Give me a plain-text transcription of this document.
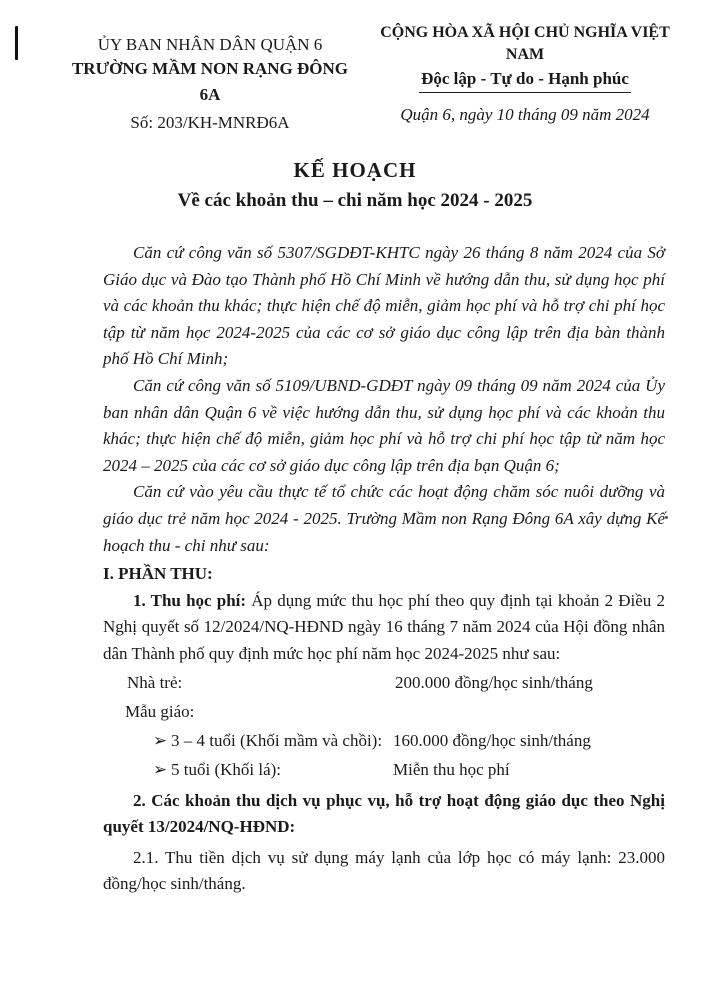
ỦY BAN NHÂN DÂN QUẬN 6
TRƯỜNG MẦM NON RẠNG ĐÔNG 6A
Số: 203/KH-MNRĐ6A
CỘNG HÒA XÃ HỘI CHỦ NGHĨA VIỆT NAM
Độc lập - Tự do - Hạnh phúc
Quận 6, ngày 10 tháng 09 năm 2024
KẾ HOẠCH
Về các khoản thu – chi năm học 2024 - 2025

Căn cứ công văn số 5307/SGDĐT-KHTC ngày 26 tháng 8 năm 2024 của Sở Giáo dục và Đào tạo Thành phố Hồ Chí Minh về hướng dẫn thu, sử dụng học phí và các khoản thu khác; thực hiện chế độ miễn, giảm học phí và hỗ trợ chi phí học tập từ năm học 2024-2025 của các cơ sở giáo dục công lập trên địa bàn thành phố Hồ Chí Minh;

Căn cứ công văn số 5109/UBND-GDĐT ngày 09 tháng 09 năm 2024 của Ủy ban nhân dân Quận 6 về việc hướng dẫn thu, sử dụng học phí và các khoản thu khác; thực hiện chế độ miễn, giảm học phí và hỗ trợ chi phí học tập từ năm học 2024 – 2025 của các cơ sở giáo dục công lập trên địa bạn Quận 6;

Căn cứ vào yêu cầu thực tế tổ chức các hoạt động chăm sóc nuôi dưỡng và giáo dục trẻ năm học 2024 - 2025. Trường Mầm non Rạng Đông 6A xây dựng Kế hoạch thu - chi như sau:

I. PHẦN THU:

1. Thu học phí: Áp dụng mức thu học phí theo quy định tại khoản 2 Điều 2 Nghị quyết số 12/2024/NQ-HĐND ngày 16 tháng 7 năm 2024 của Hội đồng nhân dân Thành phố quy định mức học phí năm học 2024-2025 như sau:

Nhà trẻ:	200.000 đồng/học sinh/tháng
Mẫu giáo:
➢ 3 – 4 tuổi (Khối mầm và chồi): 160.000 đồng/học sinh/tháng
➢ 5 tuổi (Khối lá):	Miễn thu học phí

2. Các khoản thu dịch vụ phục vụ, hỗ trợ hoạt động giáo dục theo Nghị quyết 13/2024/NQ-HĐND:

2.1. Thu tiền dịch vụ sử dụng máy lạnh của lớp học có máy lạnh: 23.000 đồng/học sinh/tháng.
